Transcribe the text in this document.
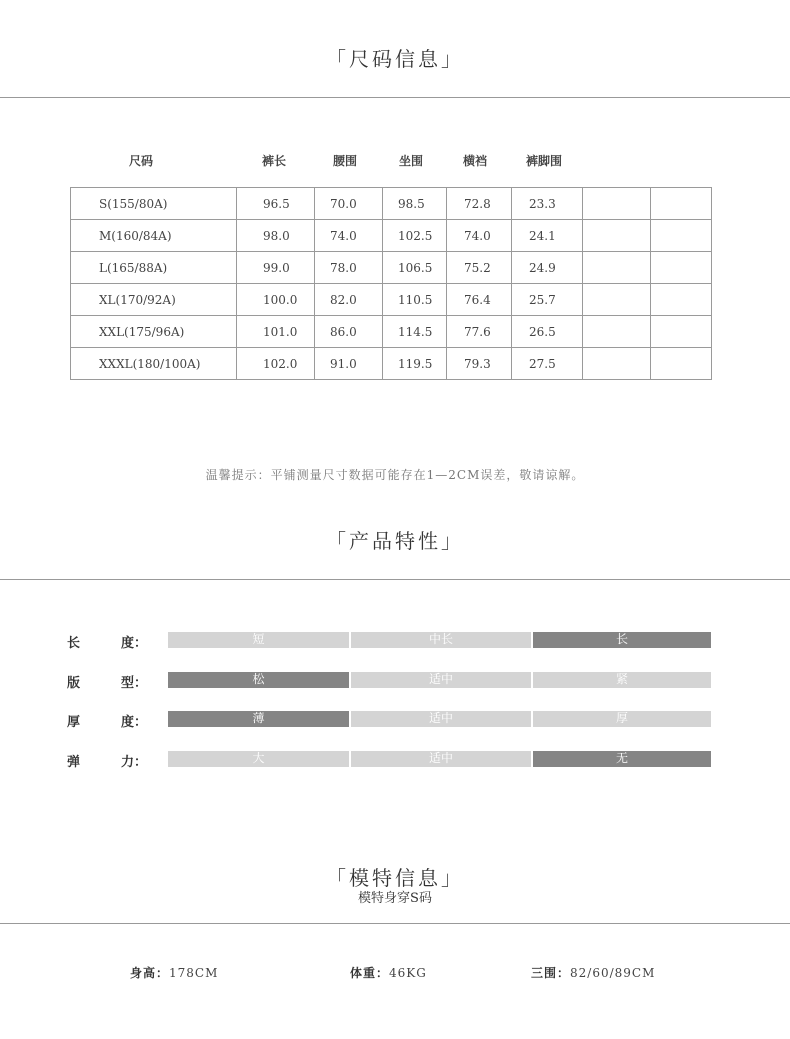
「尺码信息」
尺码	裤长	腰围	坐围	横裆	裤脚围
S(155/80A)	96.5	70.0	98.5	72.8	23.3		
M(160/84A)	98.0	74.0	102.5	74.0	24.1		
L(165/88A)	99.0	78.0	106.5	75.2	24.9		
XL(170/92A)	100.0	82.0	110.5	76.4	25.7		
XXL(175/96A)	101.0	86.0	114.5	77.6	26.5		
XXXL(180/100A)	102.0	91.0	119.5	79.3	27.5		
温馨提示：平铺测量尺寸数据可能存在1—2CM误差，敬请谅解。
「产品特性」
长	度：	短	中长	长
版	型：	松	适中	紧
厚	度：	薄	适中	厚
弹	力：	大	适中	无
「模特信息」
模特身穿S码
身高：178CM	体重：46KG	三围：82/60/89CM
